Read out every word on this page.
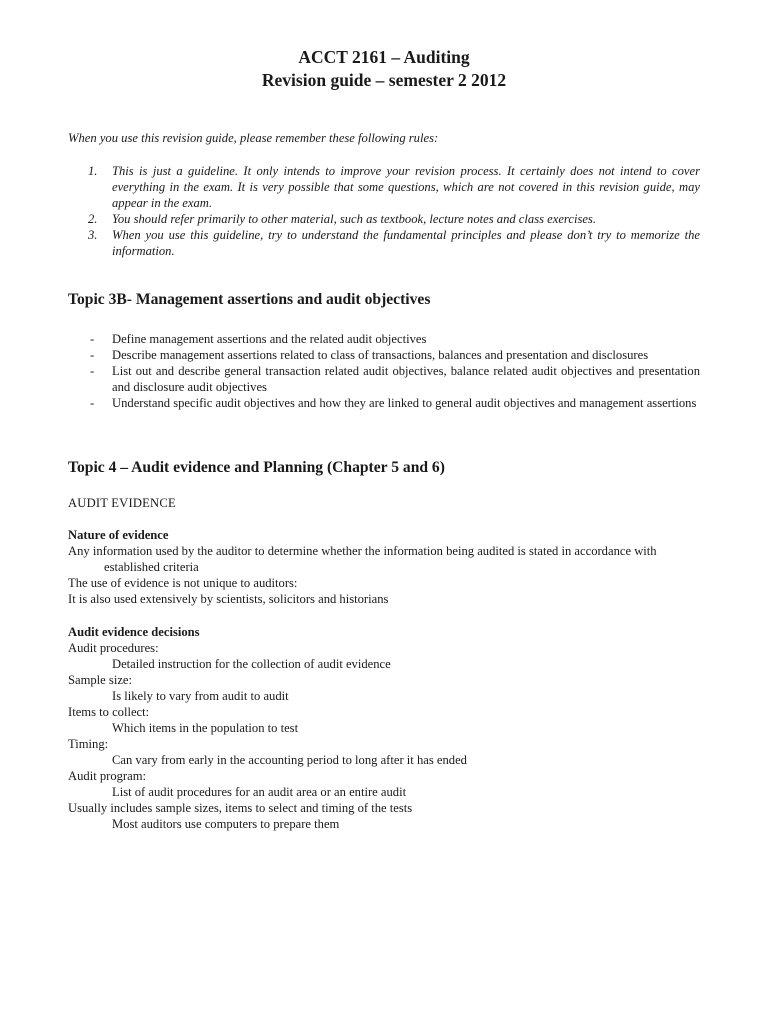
ACCT 2161 – Auditing
Revision guide – semester 2 2012

When you use this revision guide, please remember these following rules:

1. This is just a guideline. It only intends to improve your revision process. It certainly does not intend to cover everything in the exam. It is very possible that some questions, which are not covered in this revision guide, may appear in the exam.
2. You should refer primarily to other material, such as textbook, lecture notes and class exercises.
3. When you use this guideline, try to understand the fundamental principles and please don’t try to memorize the information.
Topic 3B- Management assertions and audit objectives
- Define management assertions and the related audit objectives
- Describe management assertions related to class of transactions, balances and presentation and disclosures
- List out and describe general transaction related audit objectives, balance related audit objectives and presentation and disclosure audit objectives
- Understand specific audit objectives and how they are linked to general audit objectives and management assertions
Topic 4 – Audit evidence and Planning (Chapter 5 and 6)
AUDIT EVIDENCE

Nature of evidence

Any information used by the auditor to determine whether the information being audited is stated in accordance with established criteria

The use of evidence is not unique to auditors:

It is also used extensively by scientists, solicitors and historians

Audit evidence decisions

Audit procedures:

Detailed instruction for the collection of audit evidence

Sample size:

Is likely to vary from audit to audit

Items to collect:

Which items in the population to test

Timing:

Can vary from early in the accounting period to long after it has ended

Audit program:

List of audit procedures for an audit area or an entire audit

Usually includes sample sizes, items to select and timing of the tests

Most auditors use computers to prepare them
